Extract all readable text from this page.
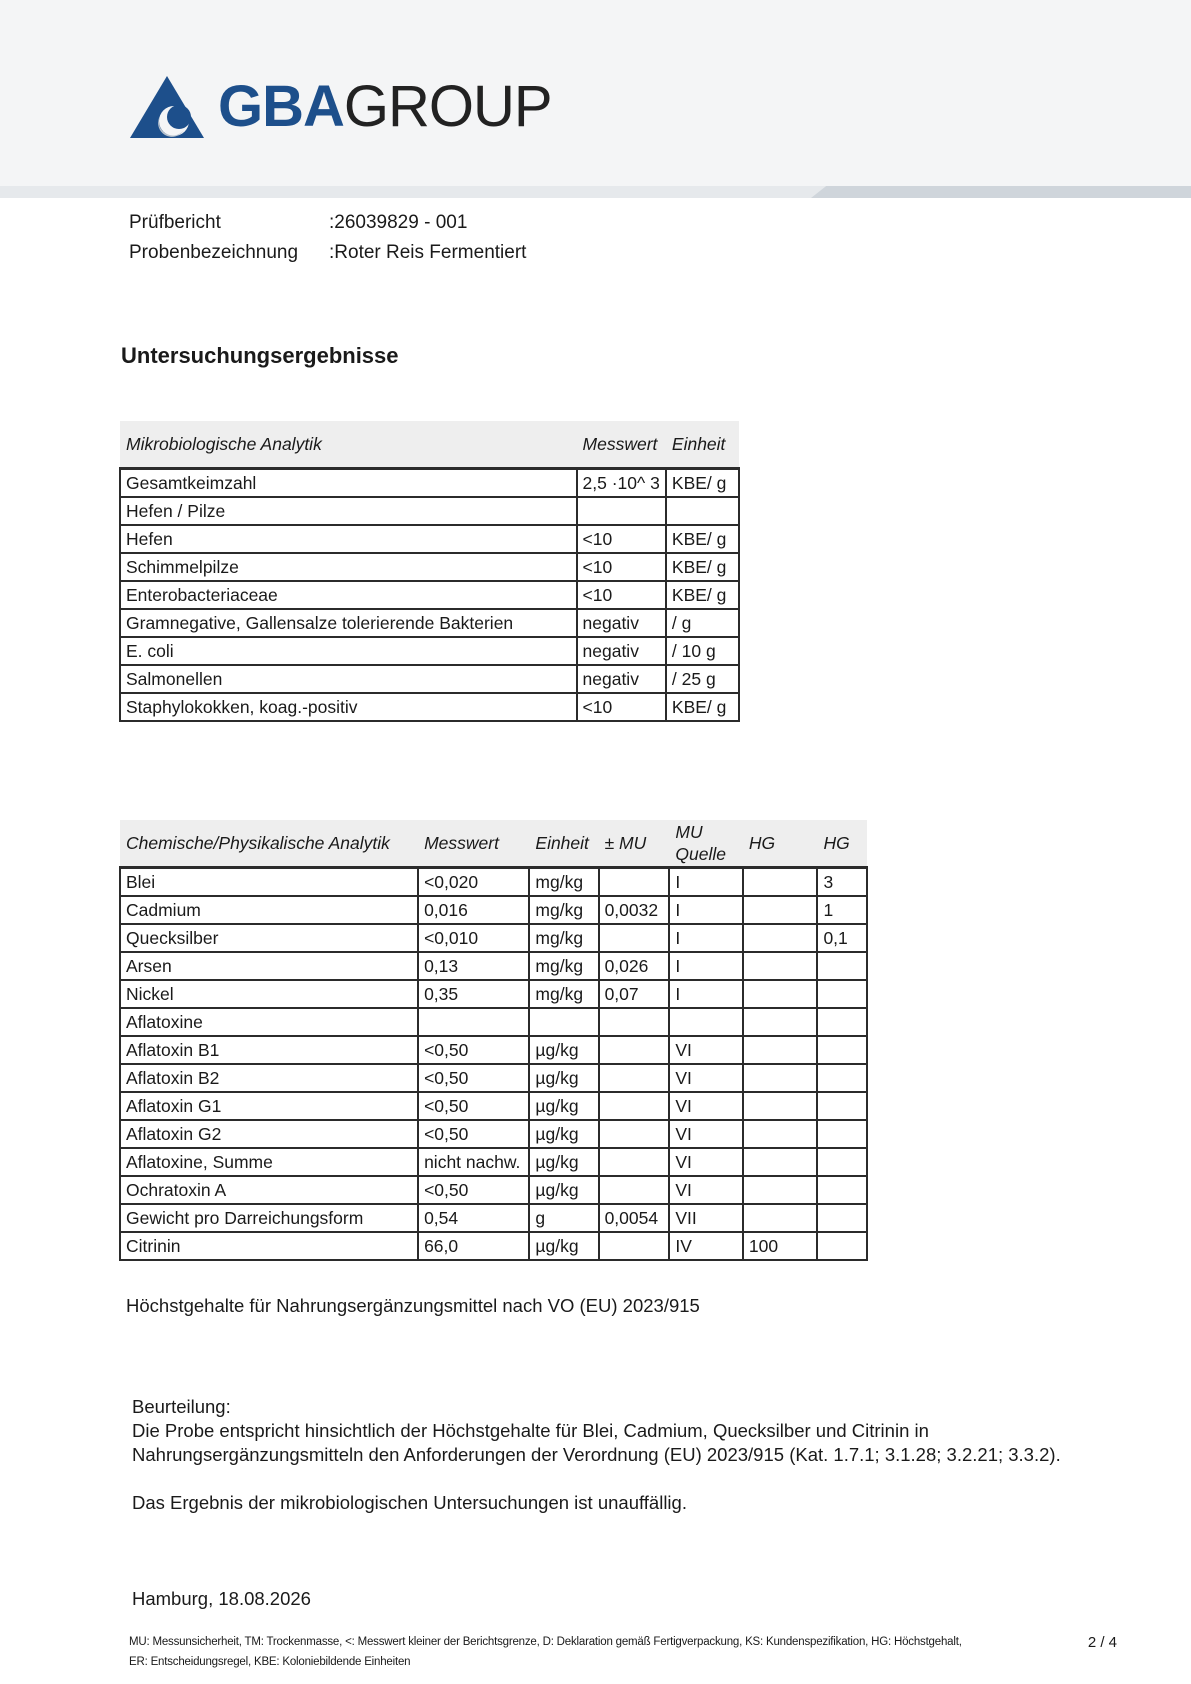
GBAGROUP
Prüfbericht	:26039829 - 001
Probenbezeichnung	:Roter Reis Fermentiert
Untersuchungsergebnisse
Mikrobiologische Analytik	Messwert	Einheit
Gesamtkeimzahl	2,5 ·10^ 3	KBE/ g
Hefen / Pilze		
Hefen	<10	KBE/ g
Schimmelpilze	<10	KBE/ g
Enterobacteriaceae	<10	KBE/ g
Gramnegative, Gallensalze tolerierende Bakterien	negativ	/ g
E. coli	negativ	/ 10 g
Salmonellen	negativ	/ 25 g
Staphylokokken, koag.-positiv	<10	KBE/ g
Chemische/Physikalische Analytik	Messwert	Einheit	± MU	MU Quelle	HG	HG
Blei	<0,020	mg/kg		I		3
Cadmium	0,016	mg/kg	0,0032	I		1
Quecksilber	<0,010	mg/kg		I		0,1
Arsen	0,13	mg/kg	0,026	I		
Nickel	0,35	mg/kg	0,07	I		
Aflatoxine						
Aflatoxin B1	<0,50	µg/kg		VI		
Aflatoxin B2	<0,50	µg/kg		VI		
Aflatoxin G1	<0,50	µg/kg		VI		
Aflatoxin G2	<0,50	µg/kg		VI		
Aflatoxine, Summe	nicht nachw.	µg/kg		VI		
Ochratoxin A	<0,50	µg/kg		VI		
Gewicht pro Darreichungsform	0,54	g	0,0054	VII		
Citrinin	66,0	µg/kg		IV	100	
Höchstgehalte für Nahrungsergänzungsmittel nach VO (EU) 2023/915

Beurteilung:

Die Probe entspricht hinsichtlich der Höchstgehalte für Blei, Cadmium, Quecksilber und Citrinin in Nahrungsergänzungsmitteln den Anforderungen der Verordnung (EU) 2023/915 (Kat. 1.7.1; 3.1.28; 3.2.21; 3.3.2).

Das Ergebnis der mikrobiologischen Untersuchungen ist unauffällig.

Hamburg, 18.08.2026
MU: Messunsicherheit, TM: Trockenmasse, <: Messwert kleiner der Berichtsgrenze, D: Deklaration gemäß Fertigverpackung, KS: Kundenspezifikation, HG: Höchstgehalt,
ER: Entscheidungsregel, KBE: Koloniebildende Einheiten
2 / 4
